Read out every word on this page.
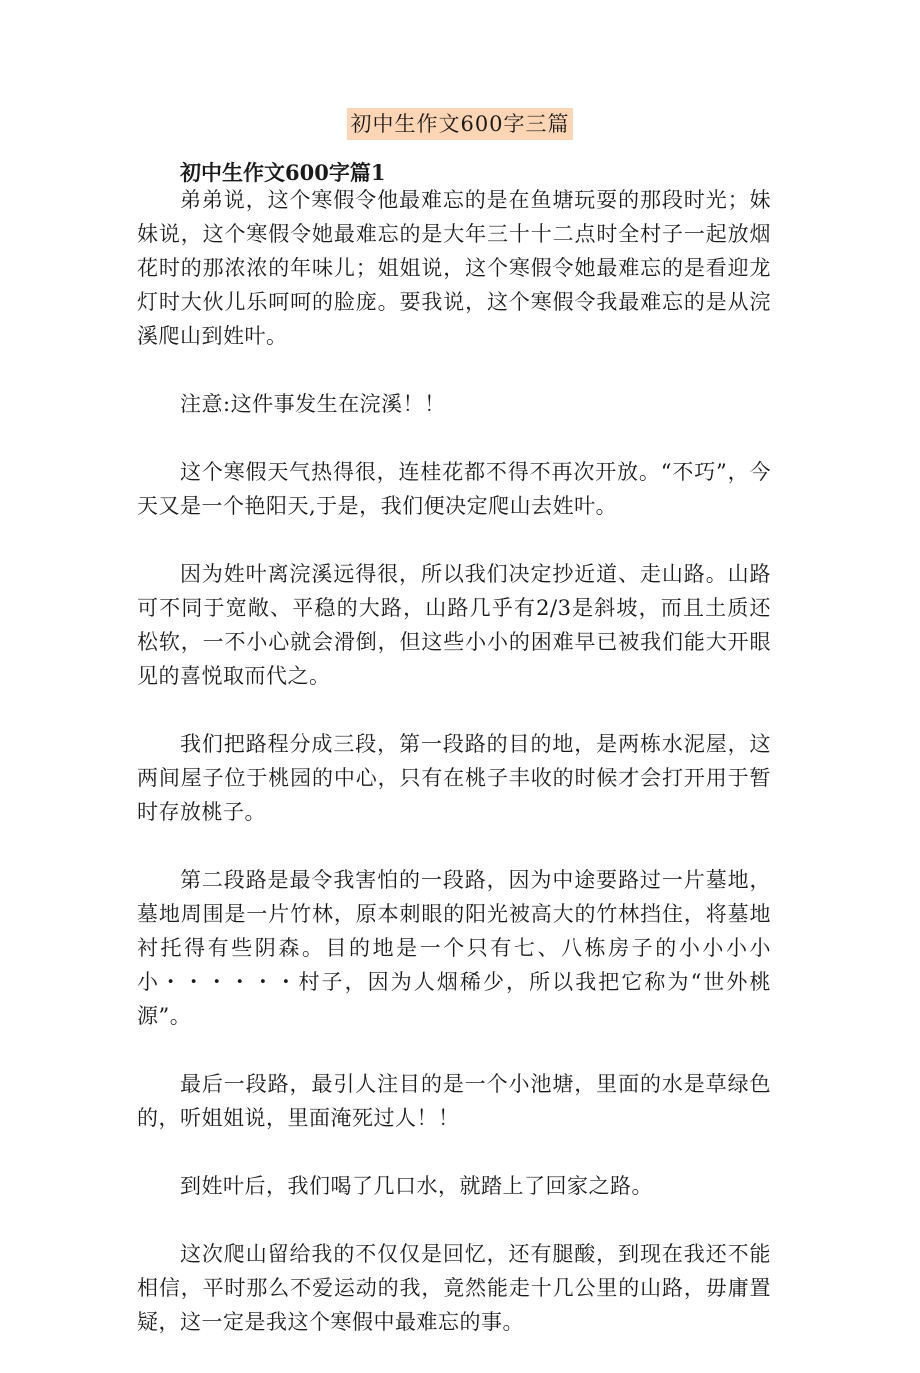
初中生作文600字三篇
初中生作文600字篇1

弟弟说，这个寒假令他最难忘的是在鱼塘玩耍的那段时光；妹妹说，这个寒假令她最难忘的是大年三十十二点时全村子一起放烟花时的那浓浓的年味儿；姐姐说，这个寒假令她最难忘的是看迎龙灯时大伙儿乐呵呵的脸庞。要我说，这个寒假令我最难忘的是从浣溪爬山到姓叶。

注意:这件事发生在浣溪！！

这个寒假天气热得很，连桂花都不得不再次开放。“不巧”，今天又是一个艳阳天,于是，我们便决定爬山去姓叶。

因为姓叶离浣溪远得很，所以我们决定抄近道、走山路。山路可不同于宽敞、平稳的大路，山路几乎有2/3是斜坡，而且土质还松软，一不小心就会滑倒，但这些小小的困难早已被我们能大开眼见的喜悦取而代之。

我们把路程分成三段，第一段路的目的地，是两栋水泥屋，这两间屋子位于桃园的中心，只有在桃子丰收的时候才会打开用于暂时存放桃子。

第二段路是最令我害怕的一段路，因为中途要路过一片墓地，墓地周围是一片竹林，原本刺眼的阳光被高大的竹林挡住，将墓地衬托得有些阴森。目的地是一个只有七、八栋房子的小小小小小・・・・・・村子，因为人烟稀少，所以我把它称为“世外桃源”。

最后一段路，最引人注目的是一个小池塘，里面的水是草绿色的，听姐姐说，里面淹死过人！！

到姓叶后，我们喝了几口水，就踏上了回家之路。

这次爬山留给我的不仅仅是回忆，还有腿酸，到现在我还不能相信，平时那么不爱运动的我，竟然能走十几公里的山路，毋庸置疑，这一定是我这个寒假中最难忘的事。
